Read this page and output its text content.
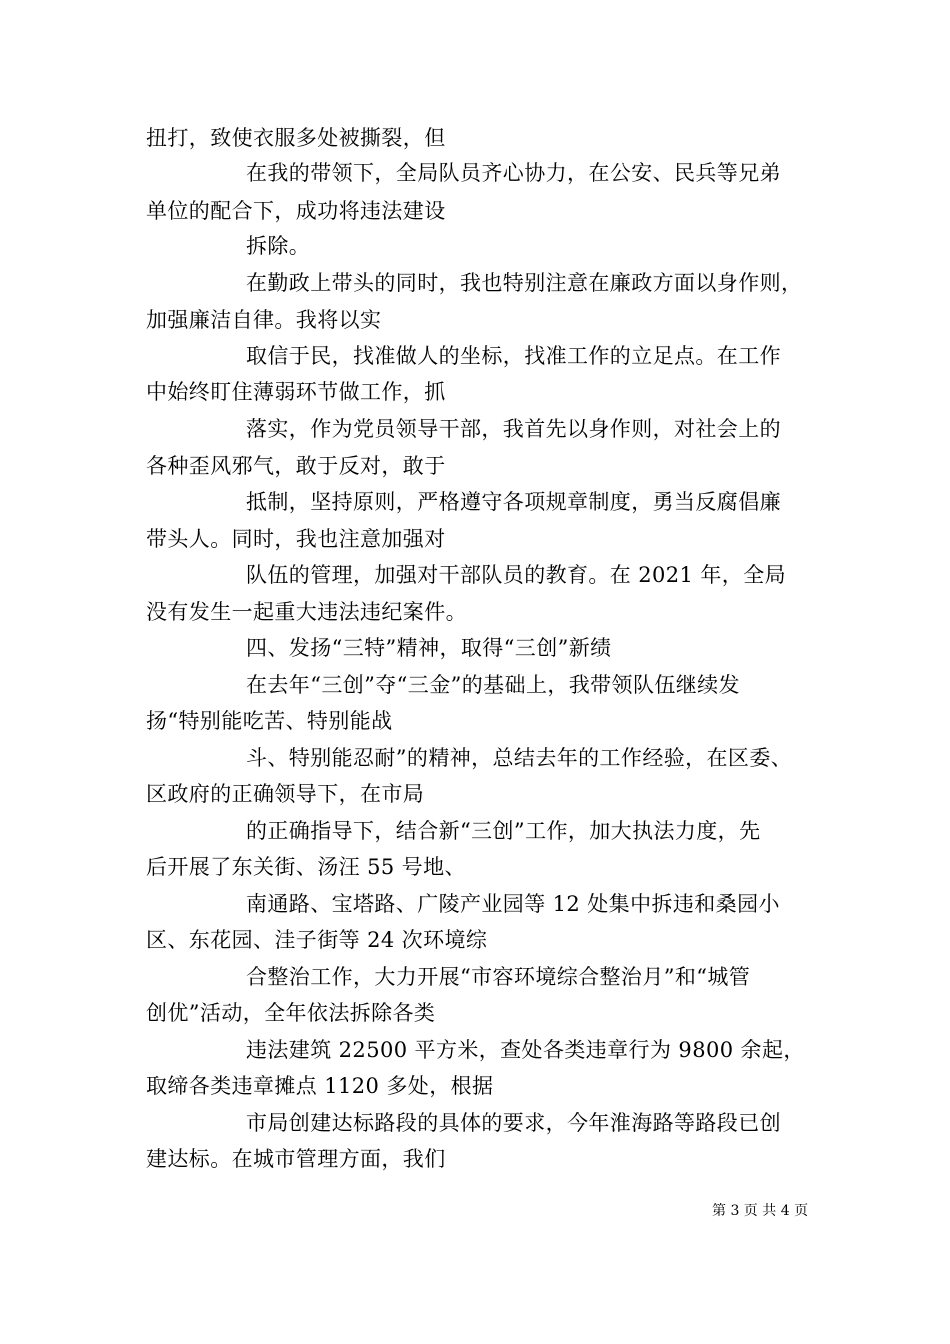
扭打，致使衣服多处被撕裂，但
在我的带领下，全局队员齐心协力，在公安、民兵等兄弟
单位的配合下，成功将违法建设
拆除。
在勤政上带头的同时，我也特别注意在廉政方面以身作则，
加强廉洁自律。我将以实
取信于民，找准做人的坐标，找准工作的立足点。在工作
中始终盯住薄弱环节做工作，抓
落实，作为党员领导干部，我首先以身作则，对社会上的
各种歪风邪气，敢于反对，敢于
抵制，坚持原则，严格遵守各项规章制度，勇当反腐倡廉
带头人。同时，我也注意加强对
队伍的管理，加强对干部队员的教育。在 2021 年，全局
没有发生一起重大违法违纪案件。
四、发扬“三特”精神，取得“三创”新绩
在去年“三创”夺“三金”的基础上，我带领队伍继续发
扬“特别能吃苦、特别能战
斗、特别能忍耐”的精神，总结去年的工作经验，在区委、
区政府的正确领导下，在市局
的正确指导下，结合新“三创”工作，加大执法力度，先
后开展了东关街、汤汪 55 号地、
南通路、宝塔路、广陵产业园等 12 处集中拆违和桑园小
区、东花园、洼子街等 24 次环境综
合整治工作，大力开展“市容环境综合整治月”和“城管
创优”活动，全年依法拆除各类
违法建筑 22500 平方米，查处各类违章行为 9800 余起，
取缔各类违章摊点 1120 多处，根据
市局创建达标路段的具体的要求，今年淮海路等路段已创
建达标。在城市管理方面，我们
第 3 页 共 4 页
